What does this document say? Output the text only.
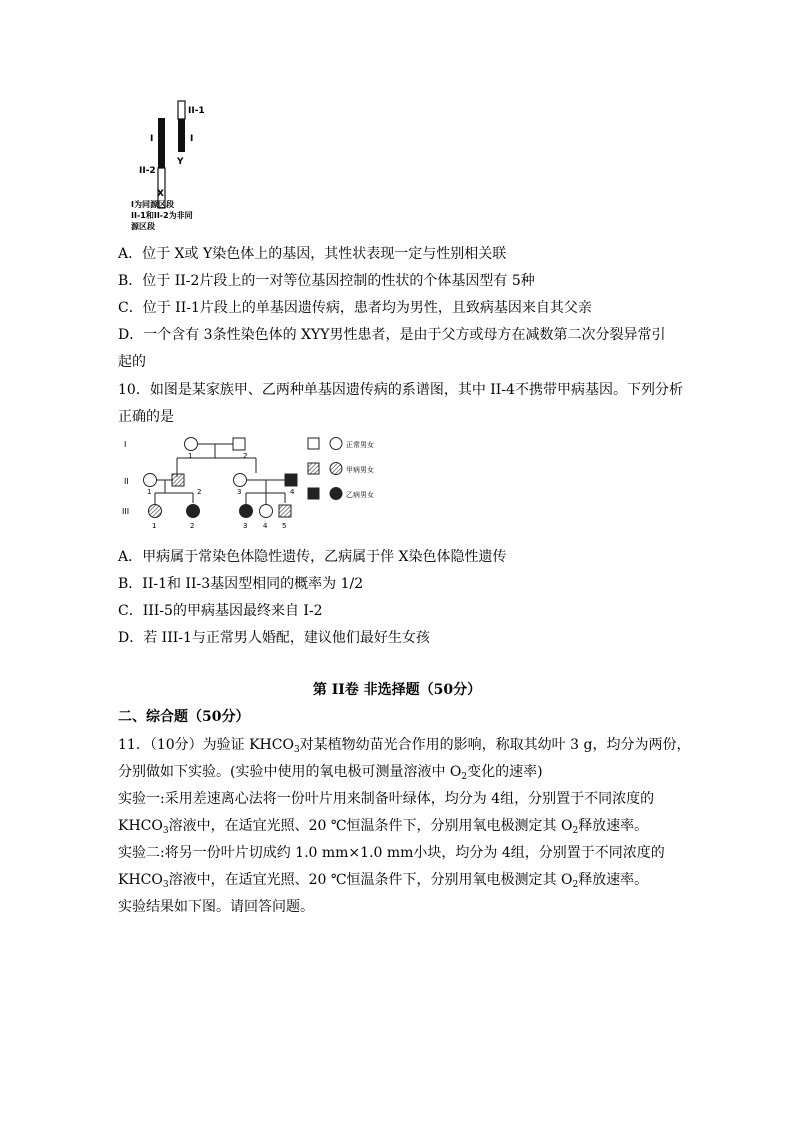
II-1
I	I
II-2
Y
X
I为同源区段
II-1和II-2为非同
源区段
A．位于 X或 Y染色体上的基因，其性状表现一定与性别相关联
B．位于 II-2片段上的一对等位基因控制的性状的个体基因型有 5种
C．位于 II-1片段上的单基因遗传病，患者均为男性，且致病基因来自其父亲
D．一个含有 3条性染色体的 XYY男性患者，是由于父方或母方在减数第二次分裂异常引
起的
10．如图是某家族甲、乙两种单基因遗传病的系谱图，其中 II-4不携带甲病基因。下列分析
正确的是
I
II
III
1	2
1	2	3	4
1	2	3 4 5
正常男女
甲病男女
乙病男女
A．甲病属于常染色体隐性遗传，乙病属于伴 X染色体隐性遗传
B．II-1和 II-3基因型相同的概率为 1/2
C．III-5的甲病基因最终来自 I-2
D．若 III-1与正常男人婚配，建议他们最好生女孩
第 II卷 非选择题（50分）
二、综合题（50分）
11．（10分）为验证 $KHCO_3$对某植物幼苗光合作用的影响，称取其幼叶 3 g，均分为两份，
分别做如下实验。(实验中使用的氧电极可测量溶液中 $O_2$变化的速率)
实验一:采用差速离心法将一份叶片用来制备叶绿体，均分为 4组，分别置于不同浓度的
$KHCO_3$溶液中，在适宜光照、20 ℃恒温条件下，分别用氧电极测定其 $O_2$释放速率。
实验二:将另一份叶片切成约 1.0 mm×1.0 mm小块，均分为 4组，分别置于不同浓度的
$KHCO_3$溶液中，在适宜光照、20 ℃恒温条件下，分别用氧电极测定其 $O_2$释放速率。
实验结果如下图。请回答问题。
